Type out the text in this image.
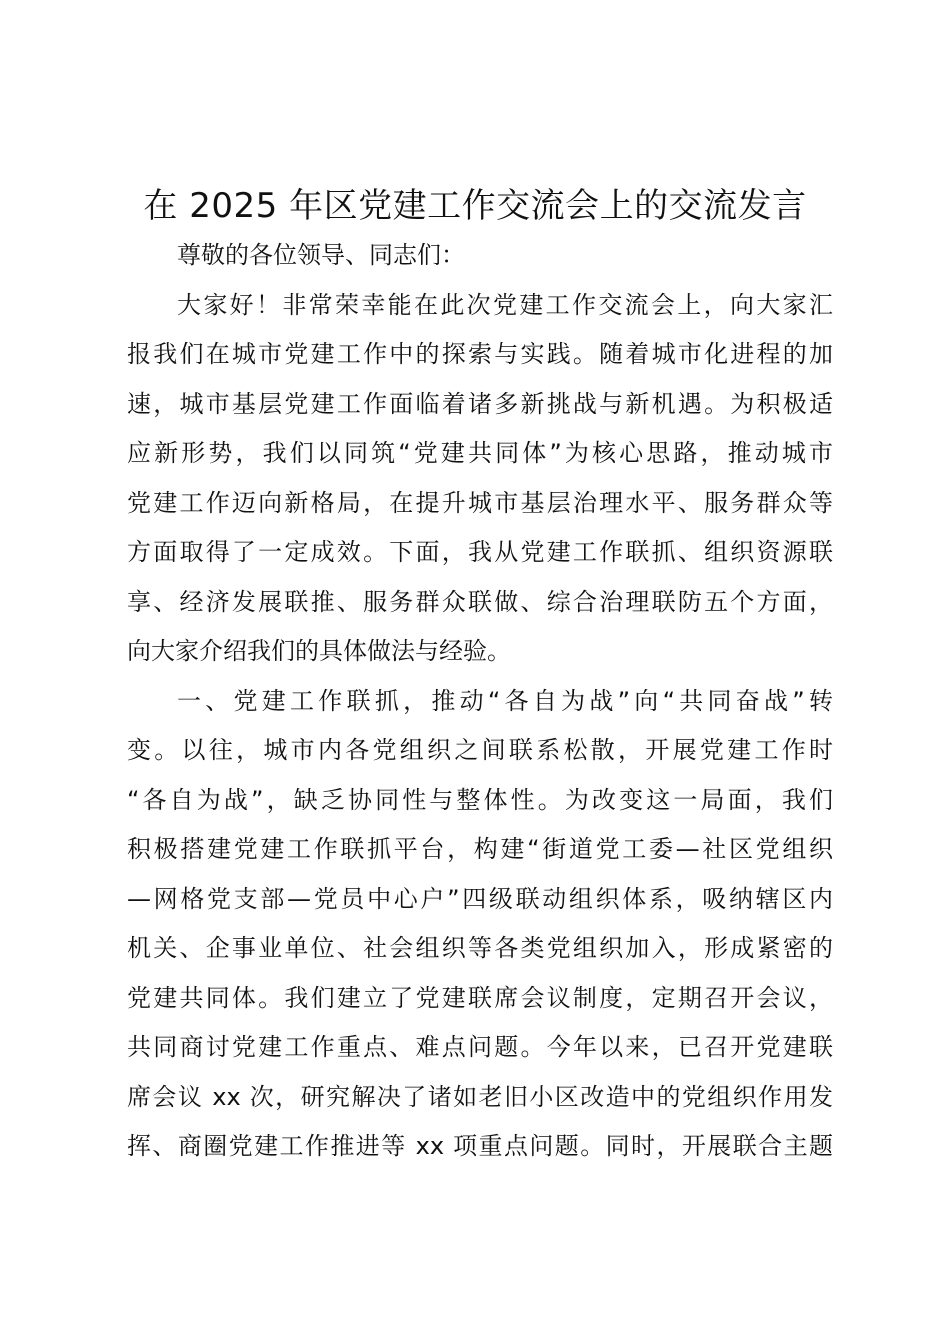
在 2025 年区党建工作交流会上的交流发言
尊敬的各位领导、同志们：
大家好！非常荣幸能在此次党建工作交流会上，向大家汇
报我们在城市党建工作中的探索与实践。随着城市化进程的加
速，城市基层党建工作面临着诸多新挑战与新机遇。为积极适
应新形势，我们以同筑“党建共同体”为核心思路，推动城市
党建工作迈向新格局，在提升城市基层治理水平、服务群众等
方面取得了一定成效。下面，我从党建工作联抓、组织资源联
享、经济发展联推、服务群众联做、综合治理联防五个方面，
向大家介绍我们的具体做法与经验。
一、党建工作联抓，推动“各自为战”向“共同奋战”转
变。以往，城市内各党组织之间联系松散，开展党建工作时
“各自为战”，缺乏协同性与整体性。为改变这一局面，我们
积极搭建党建工作联抓平台，构建“街道党工委—社区党组织
—网格党支部—党员中心户”四级联动组织体系，吸纳辖区内
机关、企事业单位、社会组织等各类党组织加入，形成紧密的
党建共同体。我们建立了党建联席会议制度，定期召开会议，
共同商讨党建工作重点、难点问题。今年以来，已召开党建联
席会议 xx 次，研究解决了诸如老旧小区改造中的党组织作用发
挥、商圈党建工作推进等 xx 项重点问题。同时，开展联合主题
